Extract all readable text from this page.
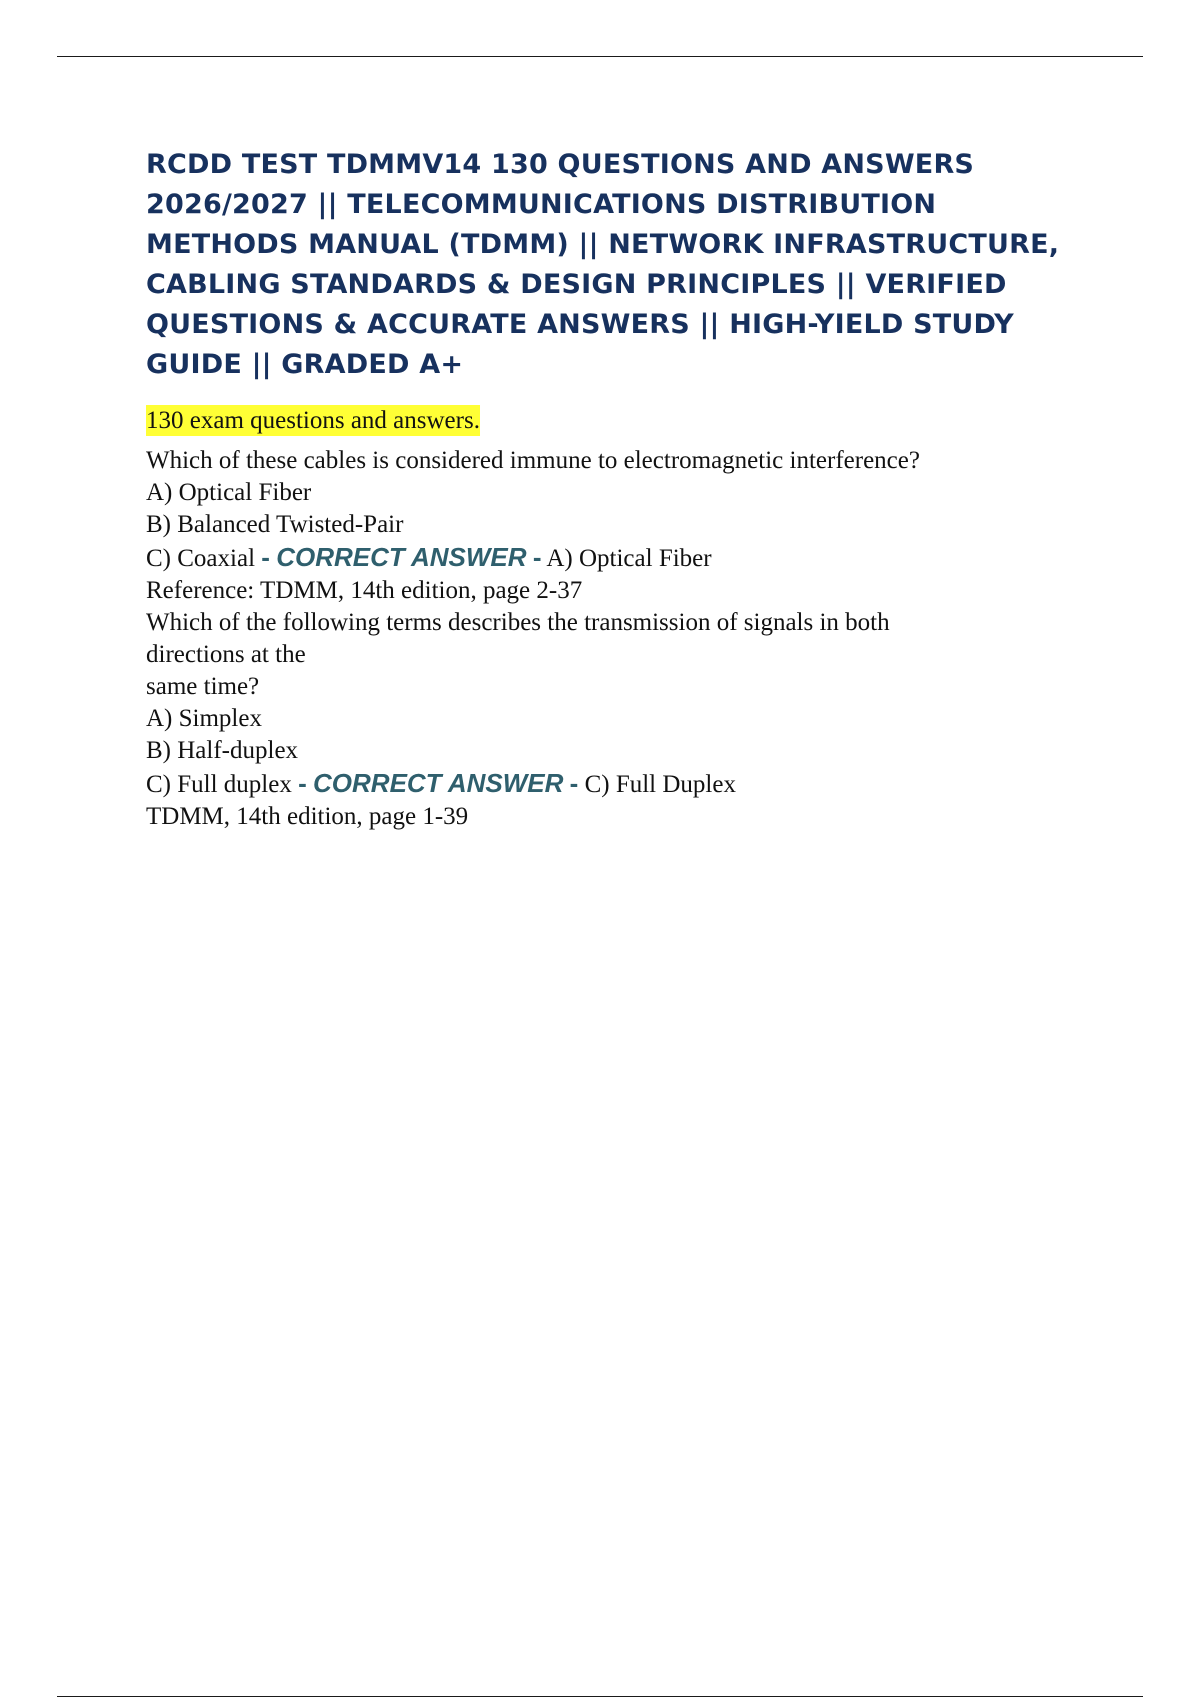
RCDD TEST TDMMV14 130 QUESTIONS AND ANSWERS 2026/2027 || TELECOMMUNICATIONS DISTRIBUTION METHODS MANUAL (TDMM) || NETWORK INFRASTRUCTURE, CABLING STANDARDS & DESIGN PRINCIPLES || VERIFIED QUESTIONS & ACCURATE ANSWERS || HIGH-YIELD STUDY GUIDE || GRADED A+
130 exam questions and answers.

Which of these cables is considered immune to electromagnetic interference?

A) Optical Fiber

B) Balanced Twisted-Pair

C) Coaxial - CORRECT ANSWER - A) Optical Fiber

Reference: TDMM, 14th edition, page 2-37

Which of the following terms describes the transmission of signals in both

directions at the

same time?

A) Simplex

B) Half-duplex

C) Full duplex - CORRECT ANSWER - C) Full Duplex

TDMM, 14th edition, page 1-39
